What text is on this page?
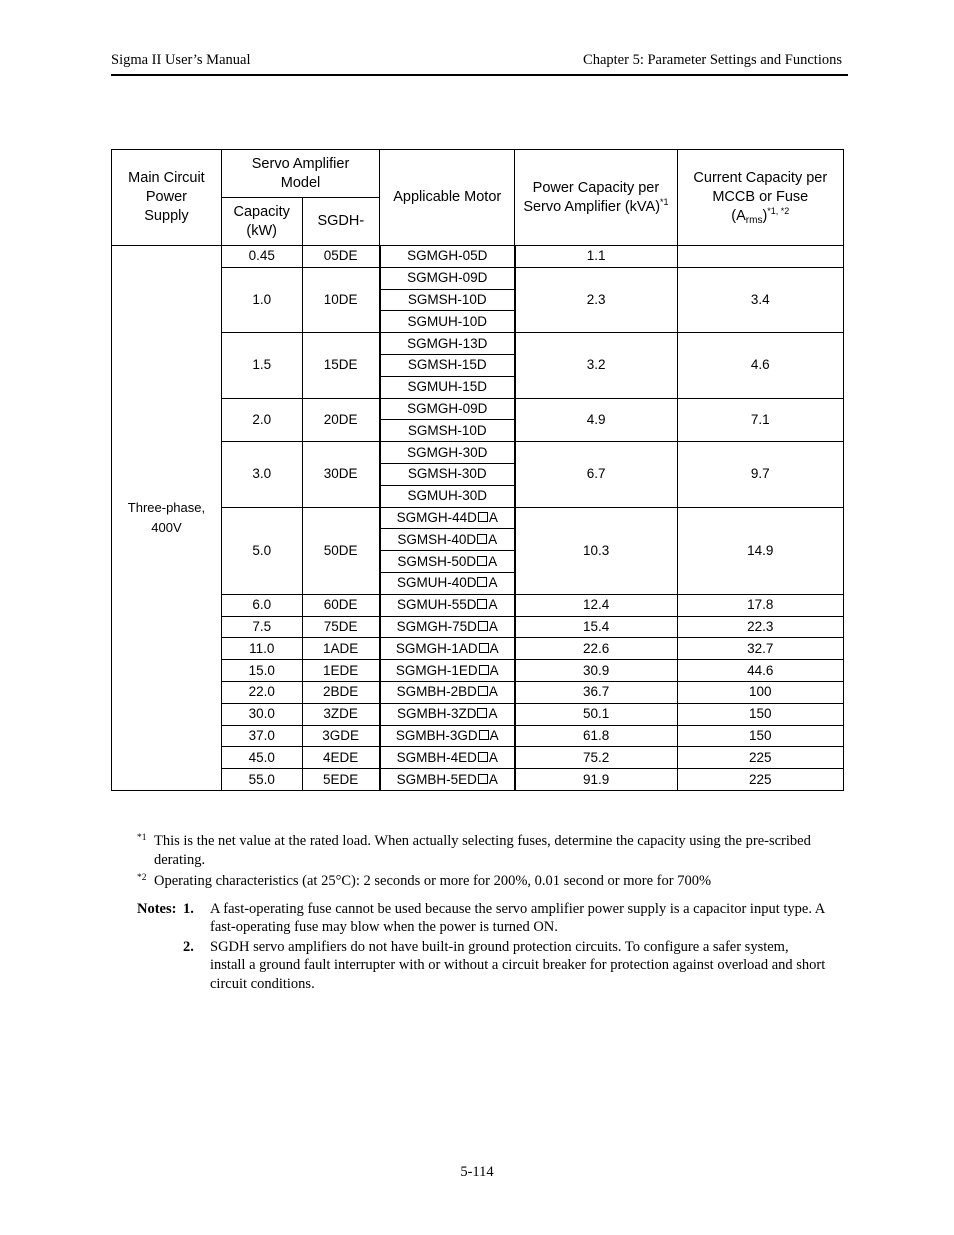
Sigma II User’s Manual	Chapter 5: Parameter Settings and Functions
Main Circuit Power Supply	Servo Amplifier Model		Applicable Motor	Power Capacity per Servo Amplifier (kVA)$^{*1}$	Current Capacity per MCCB or Fuse
$(A_{rms})^{*1, *2}$
	Capacity (kW)	SGDH-			
Three-phase, 400V	0.45	05DE	SGMGH-05D	1.1	
	1.0	10DE	SGMGH-09D	2.3	3.4
			SGMSH-10D		
			SGMUH-10D		
	1.5	15DE	SGMGH-13D	3.2	4.6
			SGMSH-15D		
			SGMUH-15D		
	2.0	20DE	SGMGH-09D	4.9	7.1
			SGMSH-10D		
	3.0	30DE	SGMGH-30D	6.7	9.7
			SGMSH-30D		
			SGMUH-30D		
	5.0	50DE	SGMGH-44D A	10.3	14.9
			SGMSH-40D A		
			SGMSH-50D A		
			SGMUH-40D A		
	6.0	60DE	SGMUH-55D A	12.4	17.8
	7.5	75DE	SGMGH-75D A	15.4	22.3
	11.0	1ADE	SGMGH-1AD A	22.6	32.7
	15.0	1EDE	SGMGH-1ED A	30.9	44.6
	22.0	2BDE	SGMBH-2BD A	36.7	100
	30.0	3ZDE	SGMBH-3ZD A	50.1	150
	37.0	3GDE	SGMBH-3GD A	61.8	150
	45.0	4EDE	SGMBH-4ED A	75.2	225
	55.0	5EDE	SGMBH-5ED A	91.9	225
*1 This is the net value at the rated load. When actually selecting fuses, determine the capacity using the pre-scribed derating.
*2 Operating characteristics (at 25°C): 2 seconds or more for 200%, 0.01 second or more for 700%
Notes: 1. A fast-operating fuse cannot be used because the servo amplifier power supply is a capacitor input type. A fast-operating fuse may blow when the power is turned ON.
2. SGDH servo amplifiers do not have built-in ground protection circuits. To configure a safer system, install a ground fault interrupter with or without a circuit breaker for protection against overload and short circuit conditions.
5-114
